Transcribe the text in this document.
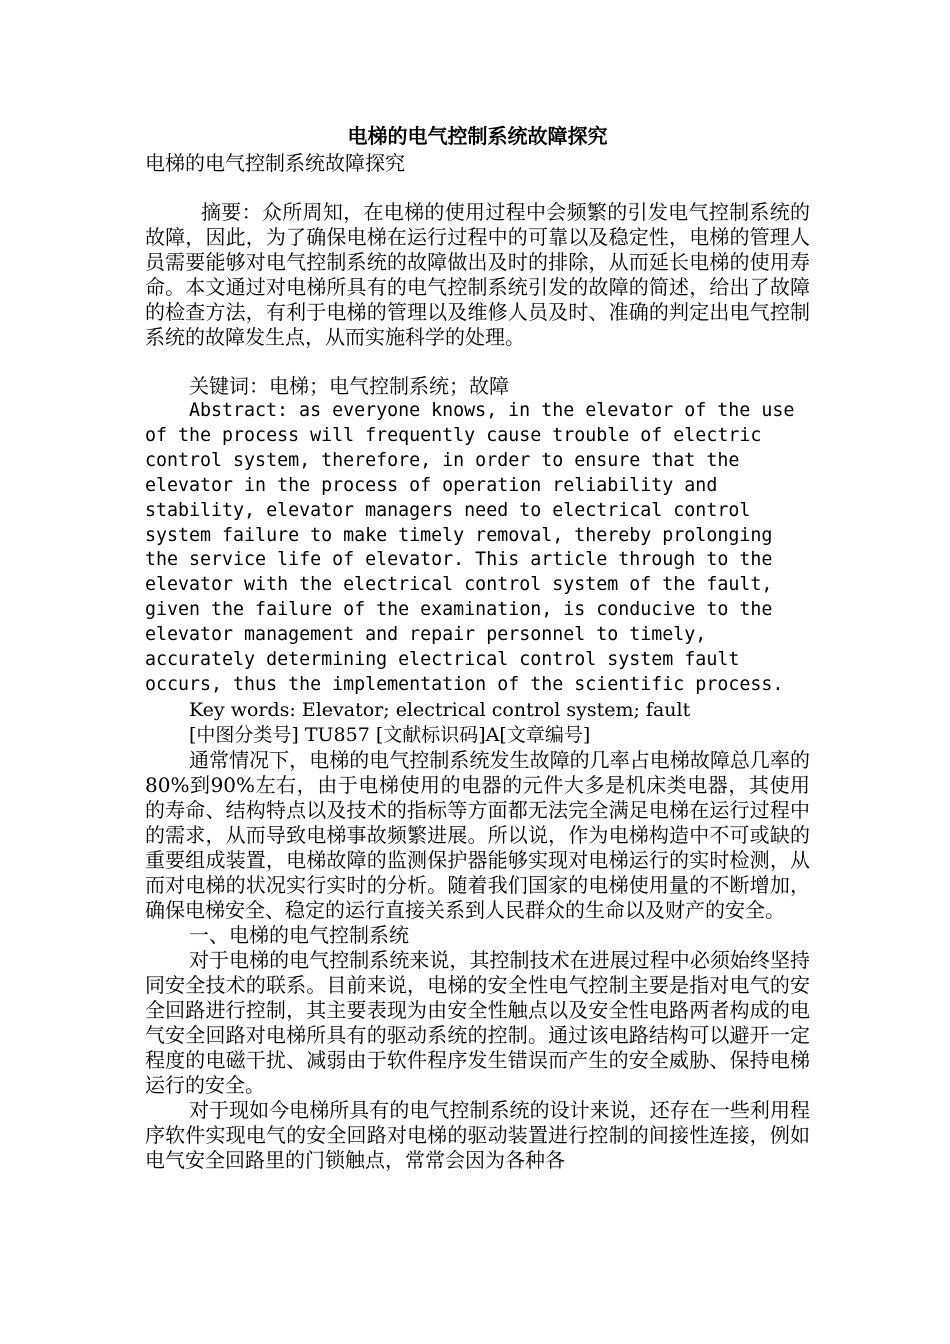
电梯的电气控制系统故障探究

电梯的电气控制系统故障探究

摘要：众所周知，在电梯的使用过程中会频繁的引发电气控制系统的故障，因此，为了确保电梯在运行过程中的可靠以及稳定性，电梯的管理人员需要能够对电气控制系统的故障做出及时的排除，从而延长电梯的使用寿命。本文通过对电梯所具有的电气控制系统引发的故障的简述，给出了故障的检查方法，有利于电梯的管理以及维修人员及时、准确的判定出电气控制系统的故障发生点，从而实施科学的处理。

关键词：电梯；电气控制系统；故障

Abstract: as everyone knows, in the elevator of the use of the process will frequently cause trouble of electric control system, therefore, in order to ensure that the elevator in the process of operation reliability and stability, elevator managers need to electrical control system failure to make timely removal, thereby prolonging the service life of elevator. This article through to the elevator with the electrical control system of the fault, given the failure of the examination, is conducive to the elevator management and repair personnel to timely, accurately determining electrical control system fault occurs, thus the implementation of the scientific process.

Key words: Elevator; electrical control system; fault

[中图分类号] TU857 [文献标识码]A[文章编号]

通常情况下，电梯的电气控制系统发生故障的几率占电梯故障总几率的80%到90%左右，由于电梯使用的电器的元件大多是机床类电器，其使用的寿命、结构特点以及技术的指标等方面都无法完全满足电梯在运行过程中的需求，从而导致电梯事故频繁进展。所以说，作为电梯构造中不可或缺的重要组成装置，电梯故障的监测保护器能够实现对电梯运行的实时检测，从而对电梯的状况实行实时的分析。随着我们国家的电梯使用量的不断增加，确保电梯安全、稳定的运行直接关系到人民群众的生命以及财产的安全。

一、电梯的电气控制系统

对于电梯的电气控制系统来说，其控制技术在进展过程中必须始终坚持同安全技术的联系。目前来说，电梯的安全性电气控制主要是指对电气的安全回路进行控制，其主要表现为由安全性触点以及安全性电路两者构成的电气安全回路对电梯所具有的驱动系统的控制。通过该电路结构可以避开一定程度的电磁干扰、减弱由于软件程序发生错误而产生的安全威胁、保持电梯运行的安全。

对于现如今电梯所具有的电气控制系统的设计来说，还存在一些利用程序软件实现电气的安全回路对电梯的驱动装置进行控制的间接性连接，例如电气安全回路里的门锁触点，常常会因为各种各
